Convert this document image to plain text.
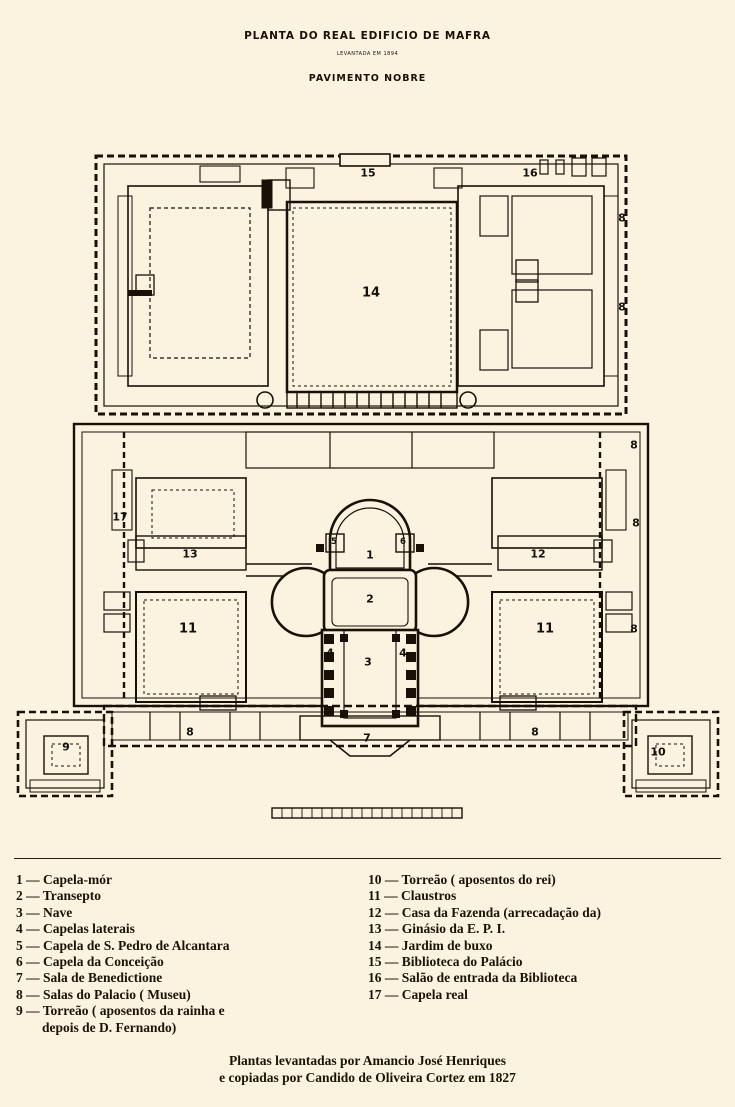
PLANTA DO REAL EDIFICIO DE MAFRA
LEVANTADA EM 1894
PAVIMENTO NOBRE
15	16
8
14
8
8
17	8
13
5
1
6
12
2
8
11	11
4
3
4
8	7	8
9	10
1 — Capela-mór
2 — Transepto
3 — Nave
4 — Capelas laterais
5 — Capela de S. Pedro de Alcantara
6 — Capela da Conceição
7 — Sala de Benedictione
8 — Salas do Palacio ( Museu)
9 — Torreão ( aposentos da rainha e
depois de D. Fernando)
10 — Torreão ( aposentos do rei)
11 — Claustros
12 — Casa da Fazenda (arrecadação da)
13 — Ginásio da E. P. I.
14 — Jardim de buxo
15 — Biblioteca do Palácio
16 — Salão de entrada da Biblioteca
17 — Capela real
Plantas levantadas por Amancio José Henriques
e copiadas por Candido de Oliveira Cortez em 1827
